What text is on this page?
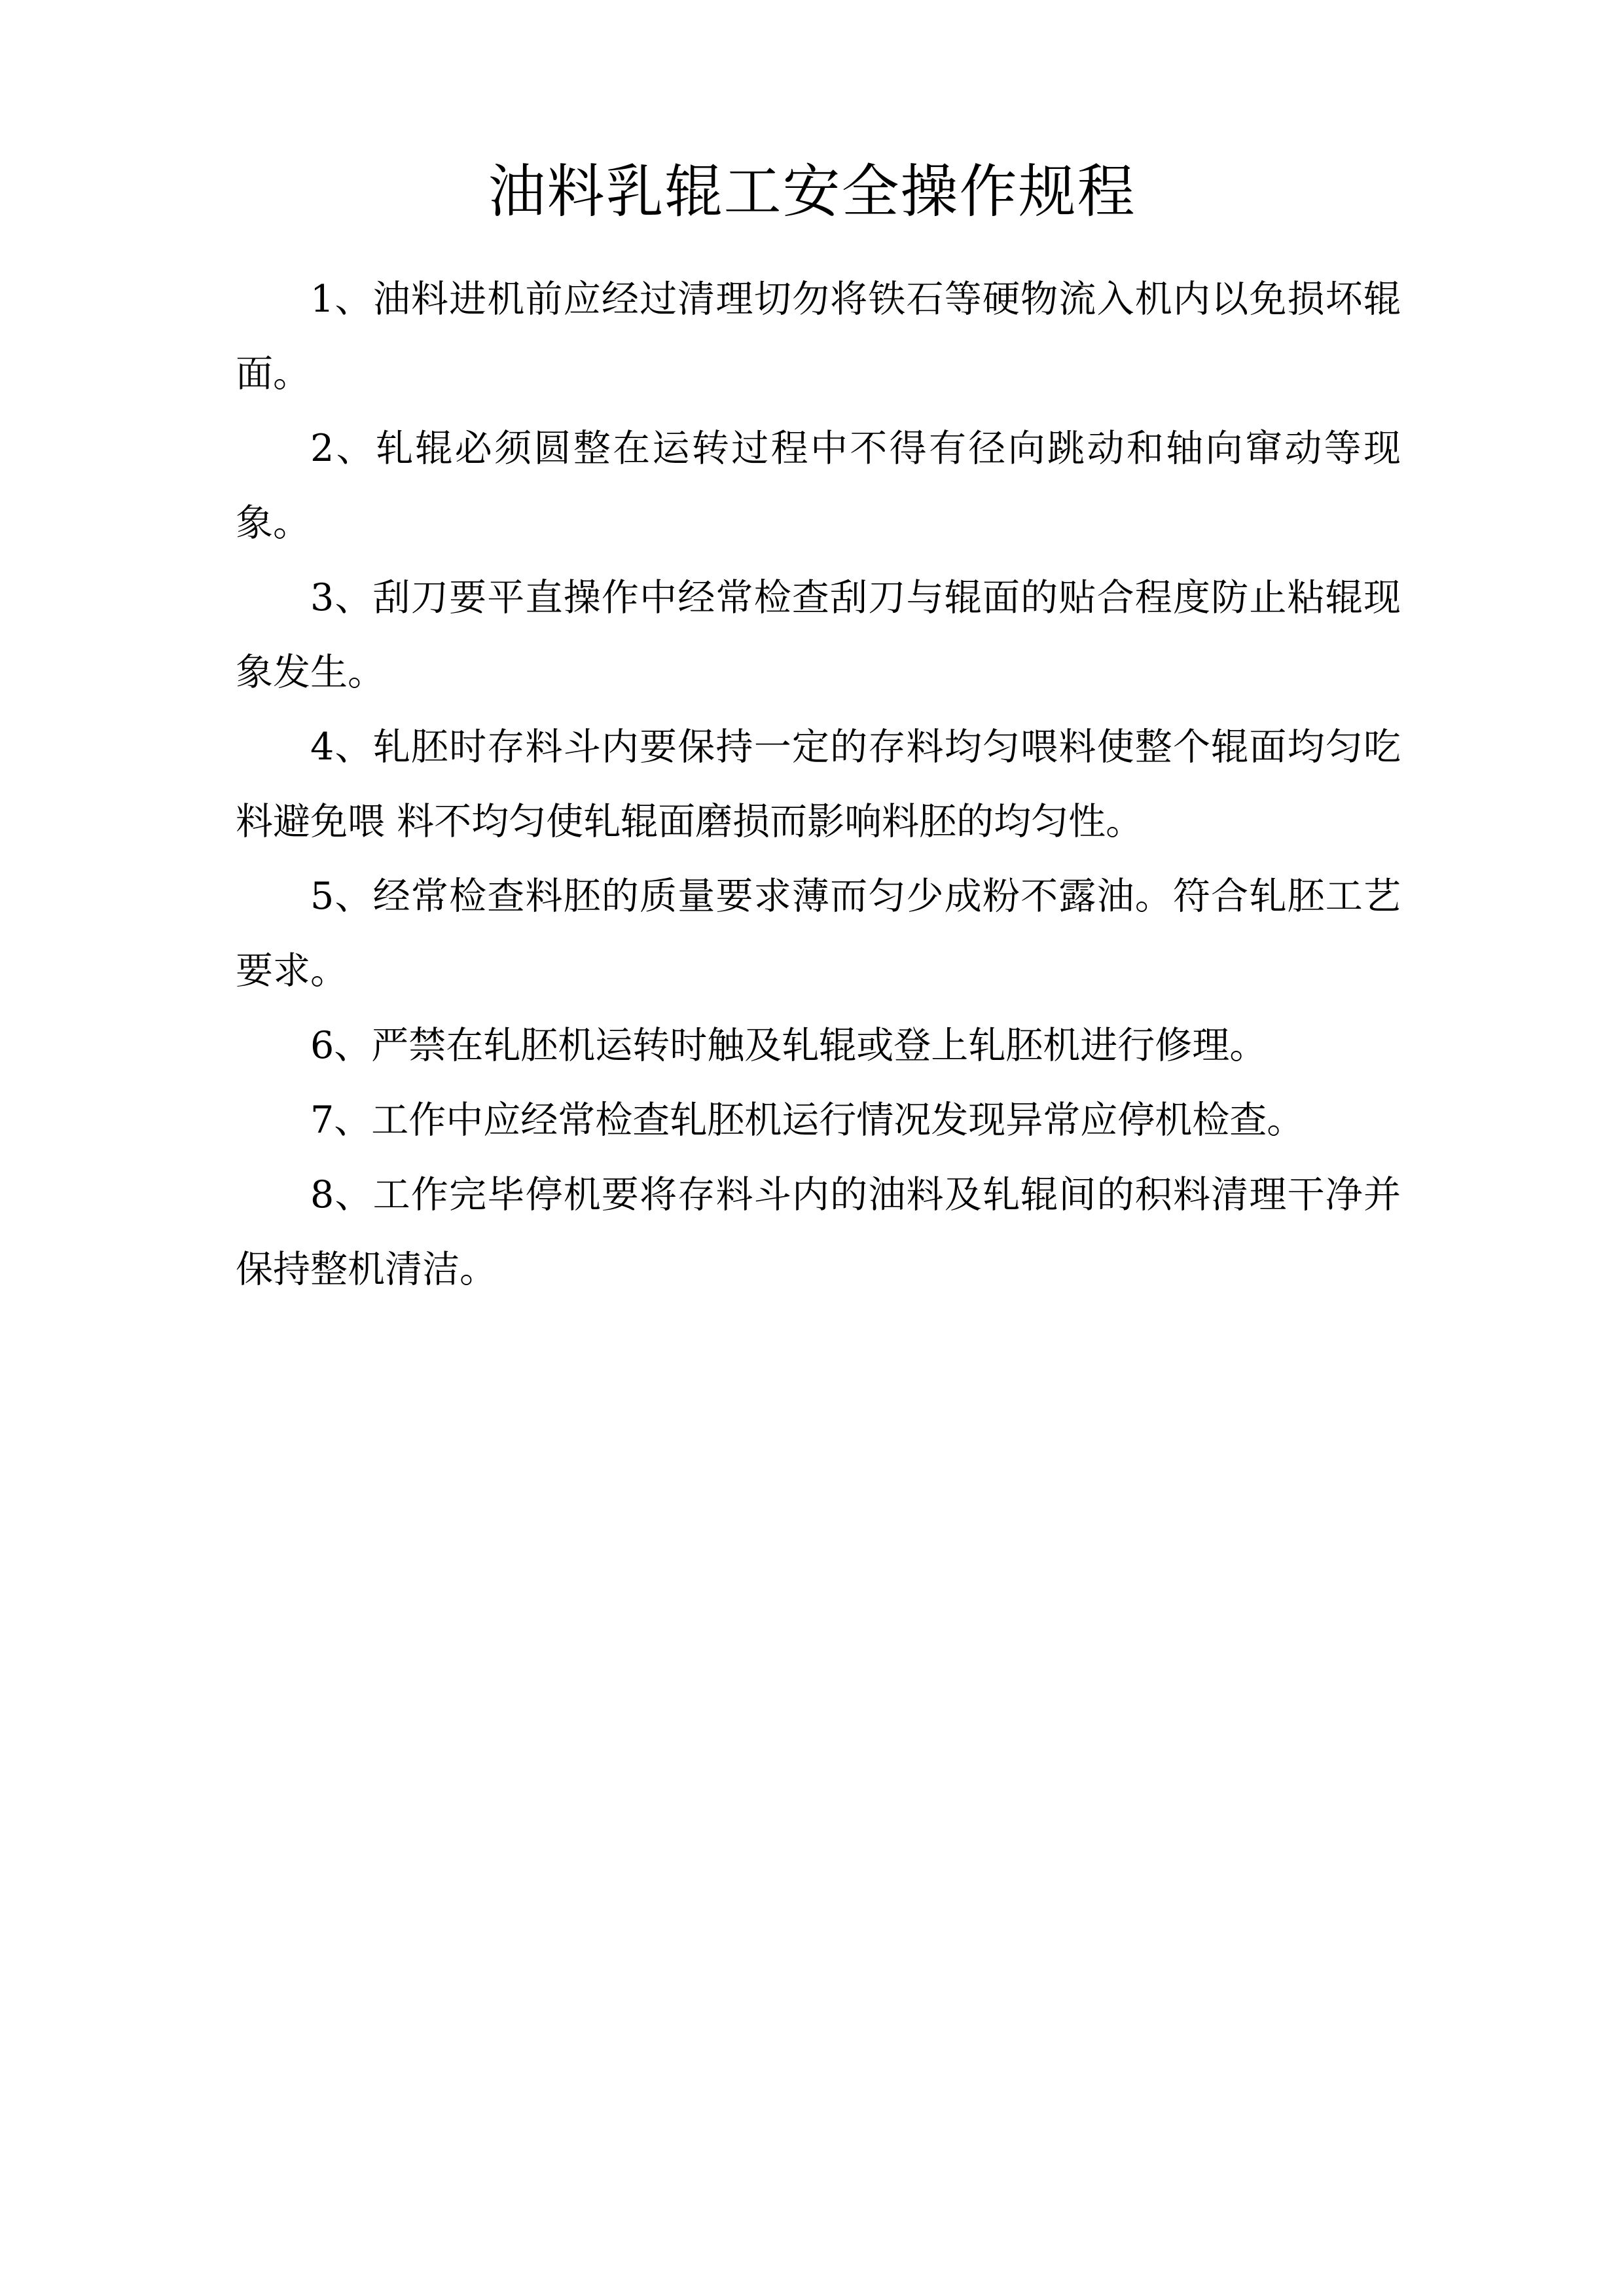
油料乳辊工安全操作规程
1、油料进机前应经过清理切勿将铁石等硬物流入机内以免损坏辊面。
2、轧辊必须圆整在运转过程中不得有径向跳动和轴向窜动等现象。
3、刮刀要平直操作中经常检查刮刀与辊面的贴合程度防止粘辊现象发生。
4、轧胚时存料斗内要保持一定的存料均匀喂料使整个辊面均匀吃料避免喂 料不均匀使轧辊面磨损而影响料胚的均匀性。
5、经常检查料胚的质量要求薄而匀少成粉不露油。符合轧胚工艺要求。
6、严禁在轧胚机运转时触及轧辊或登上轧胚机进行修理。
7、工作中应经常检查轧胚机运行情况发现异常应停机检查。
8、工作完毕停机要将存料斗内的油料及轧辊间的积料清理干净并保持整机清洁。
